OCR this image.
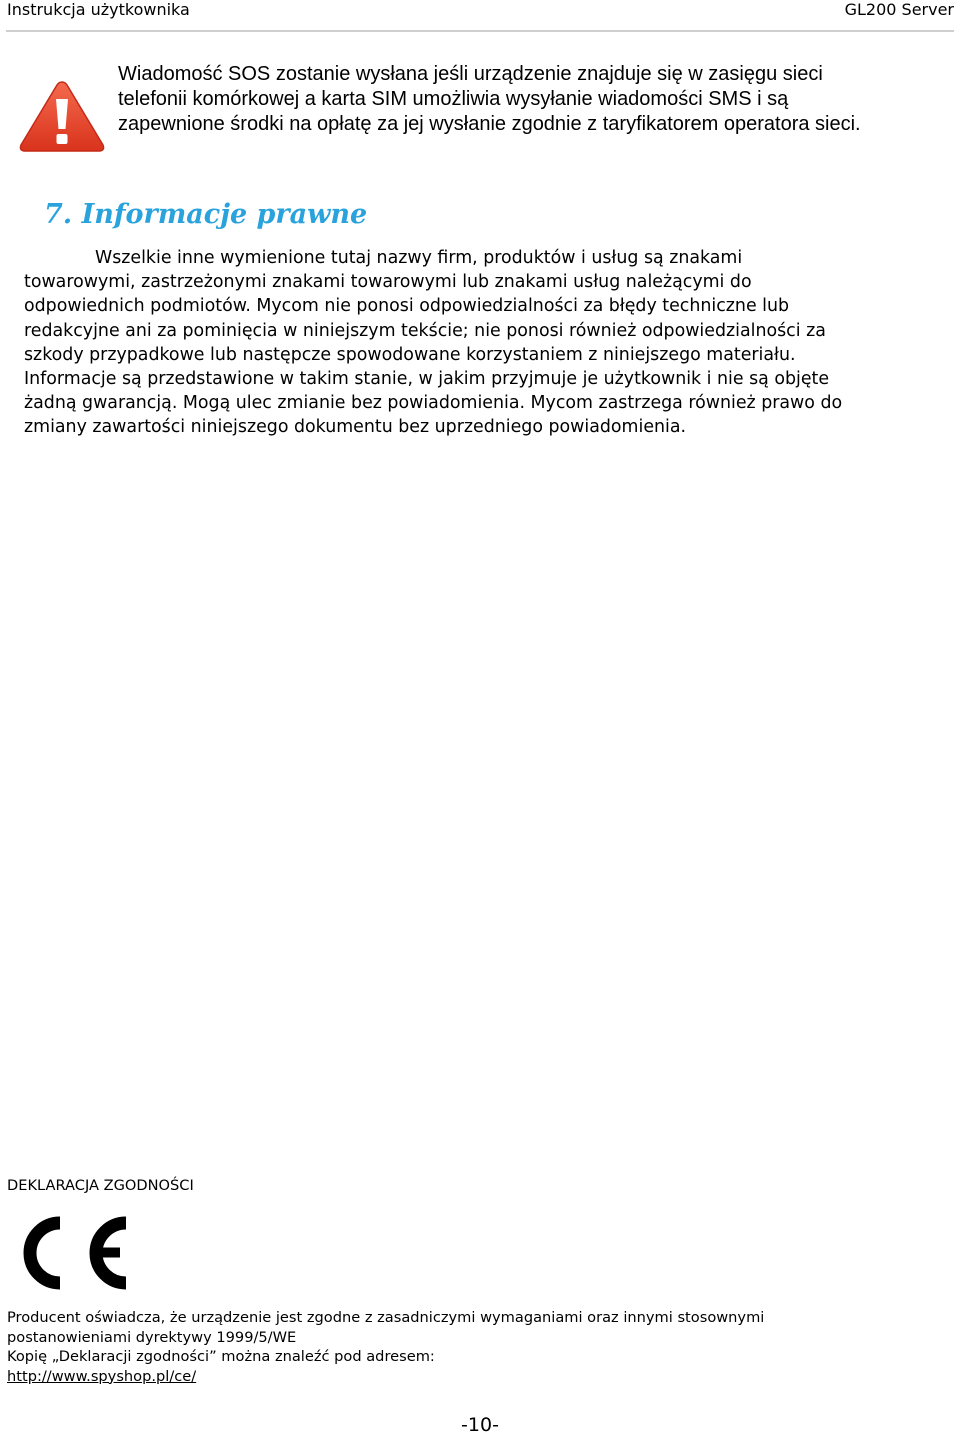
Instrukcja użytkownika	GL200 Server
Wiadomość SOS zostanie wysłana jeśli urządzenie znajduje się w zasięgu sieci
telefonii komórkowej a karta SIM umożliwia wysyłanie wiadomości SMS i są
zapewnione środki na opłatę za jej wysłanie zgodnie z taryfikatorem operatora sieci.
7. Informacje prawne
Wszelkie inne wymienione tutaj nazwy firm, produktów i usług są znakami
towarowymi, zastrzeżonymi znakami towarowymi lub znakami usług należącymi do
odpowiednich podmiotów. Mycom nie ponosi odpowiedzialności za błędy techniczne lub
redakcyjne ani za pominięcia w niniejszym tekście; nie ponosi również odpowiedzialności za
szkody przypadkowe lub następcze spowodowane korzystaniem z niniejszego materiału.
Informacje są przedstawione w takim stanie, w jakim przyjmuje je użytkownik i nie są objęte
żadną gwarancją. Mogą ulec zmianie bez powiadomienia. Mycom zastrzega również prawo do
zmiany zawartości niniejszego dokumentu bez uprzedniego powiadomienia.
DEKLARACJA ZGODNOŚCI
Producent oświadcza, że urządzenie jest zgodne z zasadniczymi wymaganiami oraz innymi stosownymi
postanowieniami dyrektywy 1999/5/WE
Kopię „Deklaracji zgodności” można znaleźć pod adresem:
http://www.spyshop.pl/ce/
-10-
